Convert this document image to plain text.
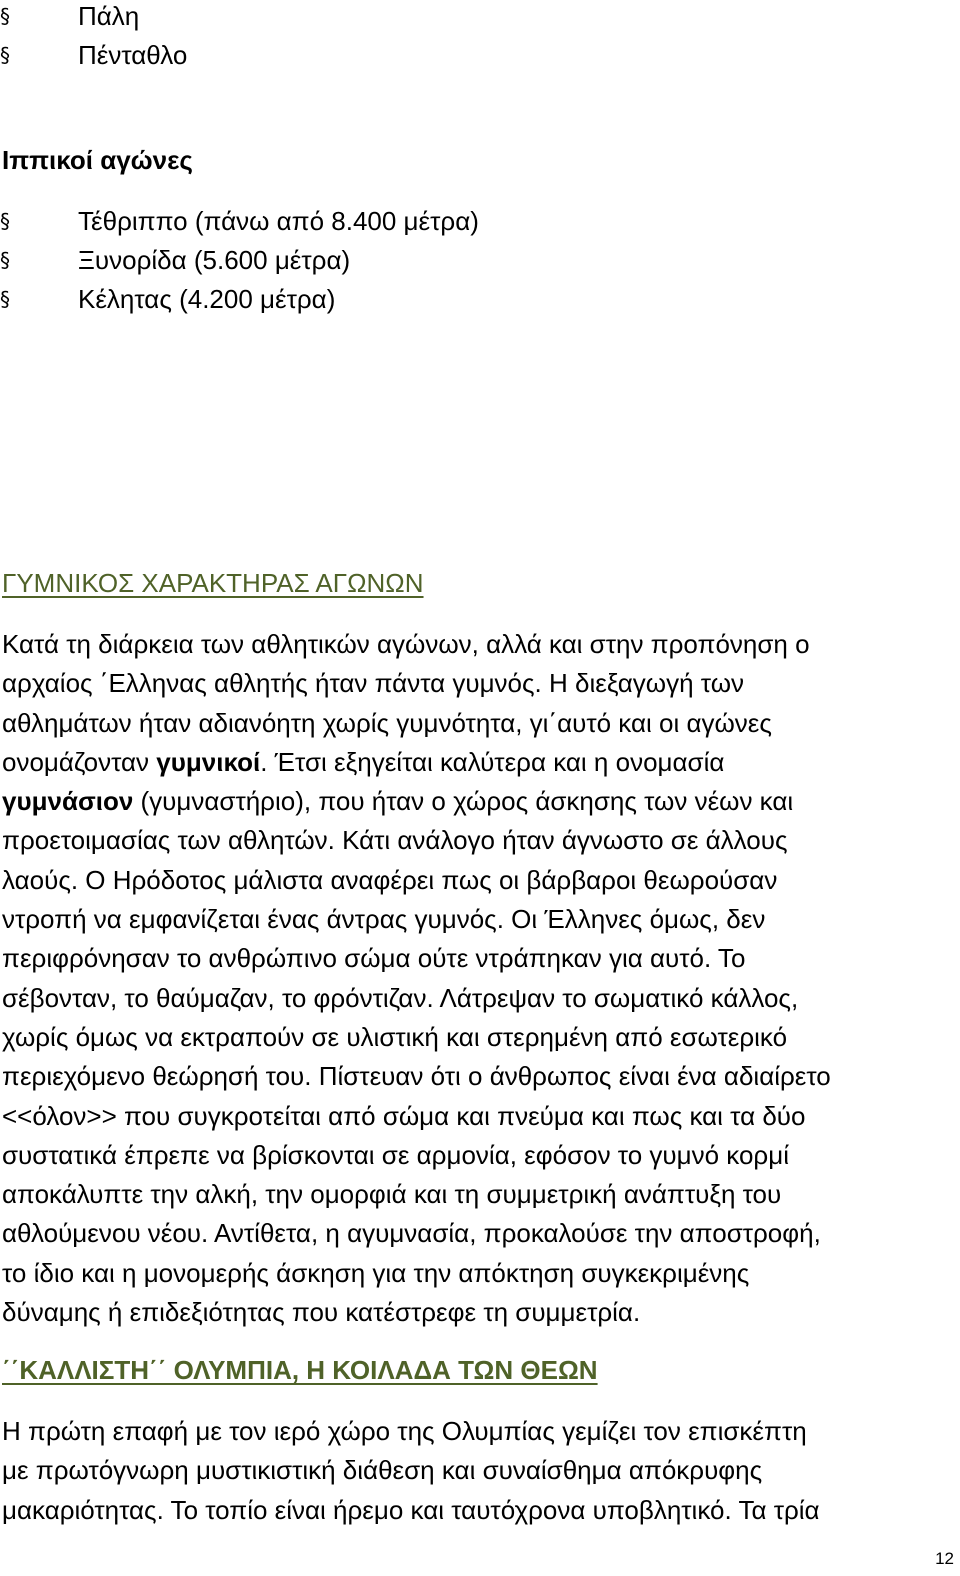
§	Πάλη
§	Πένταθλο
Ιππικοί αγώνες
§	Τέθριππο (πάνω από 8.400 μέτρα)
§	Ξυνορίδα (5.600 μέτρα)
§	Κέλητας (4.200 μέτρα)
ΓΥΜΝΙΚΟΣ ΧΑΡΑΚΤΗΡΑΣ ΑΓΩΝΩΝ

Κατά τη διάρκεια των αθλητικών αγώνων, αλλά και στην προπόνηση ο
αρχαίος ΄Ελληνας αθλητής ήταν πάντα γυμνός. Η διεξαγωγή των
αθλημάτων ήταν αδιανόητη χωρίς γυμνότητα, γι΄αυτό και οι αγώνες
ονομάζονταν γυμνικοί. Έτσι εξηγείται καλύτερα και η ονομασία
γυμνάσιον (γυμναστήριο), που ήταν ο χώρος άσκησης των νέων και
προετοιμασίας των αθλητών. Κάτι ανάλογο ήταν άγνωστο σε άλλους
λαούς. Ο Ηρόδοτος μάλιστα αναφέρει πως οι βάρβαροι θεωρούσαν
ντροπή να εμφανίζεται ένας άντρας γυμνός. Οι Έλληνες όμως, δεν
περιφρόνησαν το ανθρώπινο σώμα ούτε ντράπηκαν για αυτό. Το
σέβονταν, το θαύμαζαν, το φρόντιζαν. Λάτρεψαν το σωματικό κάλλος,
χωρίς όμως να εκτραπούν σε υλιστική και στερημένη από εσωτερικό
περιεχόμενο θεώρησή του. Πίστευαν ότι ο άνθρωπος είναι ένα αδιαίρετο
<<όλον>> που συγκροτείται από σώμα και πνεύμα και πως και τα δύο
συστατικά έπρεπε να βρίσκονται σε αρμονία, εφόσον το γυμνό κορμί
αποκάλυπτε την αλκή, την ομορφιά και τη συμμετρική ανάπτυξη του
αθλούμενου νέου. Αντίθετα, η αγυμνασία, προκαλούσε την αποστροφή,
το ίδιο και η μονομερής άσκηση για την απόκτηση συγκεκριμένης
δύναμης ή επιδεξιότητας που κατέστρεφε τη συμμετρία.

΄΄ΚΑΛΛΙΣΤΗ΄΄ ΟΛΥΜΠΙΑ, Η ΚΟΙΛΑΔΑ ΤΩΝ ΘΕΩΝ

Η πρώτη επαφή με τον ιερό χώρο της Ολυμπίας γεμίζει τον επισκέπτη
με πρωτόγνωρη μυστικιστική διάθεση και συναίσθημα απόκρυφης
μακαριότητας. Το τοπίο είναι ήρεμο και ταυτόχρονα υποβλητικό. Τα τρία

12
